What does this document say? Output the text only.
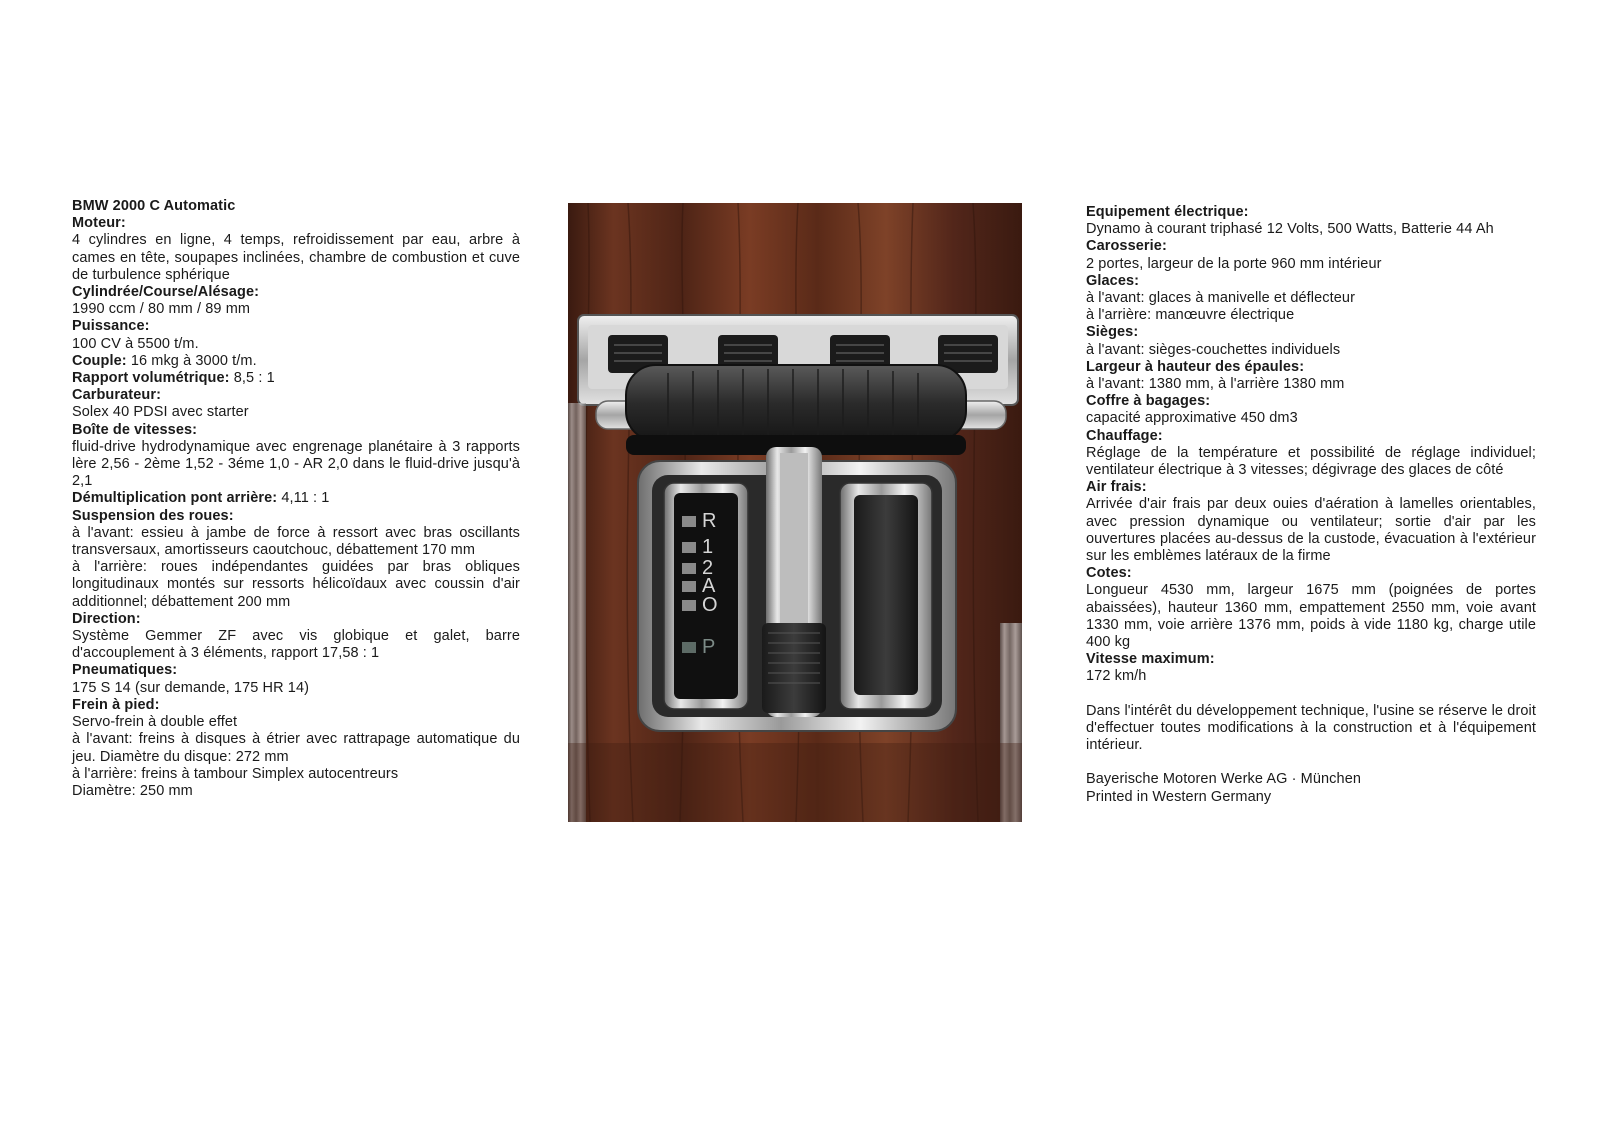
BMW 2000 C Automatic
Moteur:
4 cylindres en ligne, 4 temps, refroidissement par eau, arbre à cames en tête, soupapes inclinées, chambre de combustion et cuve de turbulence sphérique
Cylindrée/Course/Alésage:
1990 ccm / 80 mm / 89 mm
Puissance:
100 CV à 5500 t/m.
Couple: 16 mkg à 3000 t/m.
Rapport volumétrique: 8,5 : 1
Carburateur:
Solex 40 PDSI avec starter
Boîte de vitesses:
fluid-drive hydrodynamique avec engrenage planétaire à 3 rapports lère 2,56 - 2ème 1,52 - 3éme 1,0 - AR 2,0 dans le fluid-drive jusqu'à 2,1
Démultiplication pont arrière: 4,11 : 1
Suspension des roues:
à l'avant: essieu à jambe de force à ressort avec bras oscillants transversaux, amortisseurs caoutchouc, débattement 170 mm
à l'arrière: roues indépendantes guidées par bras obliques longitudinaux montés sur ressorts hélicoïdaux avec coussin d'air additionnel; débattement 200 mm
Direction:
Système Gemmer ZF avec vis globique et galet, barre d'accouplement à 3 éléments, rapport 17,58 : 1
Pneumatiques:
175 S 14 (sur demande, 175 HR 14)
Frein à pied:
Servo-frein à double effet
à l'avant: freins à disques à étrier avec rattrapage automatique du jeu. Diamètre du disque: 272 mm
à l'arrière: freins à tambour Simplex autocentreurs
Diamètre: 250 mm
R
1
2
A
O
P
Equipement électrique:
Dynamo à courant triphasé 12 Volts, 500 Watts, Batterie 44 Ah
Carosserie:
2 portes, largeur de la porte 960 mm intérieur
Glaces:
à l'avant: glaces à manivelle et déflecteur
à l'arrière: manœuvre électrique
Sièges:
à l'avant: sièges-couchettes individuels
Largeur à hauteur des épaules:
à l'avant: 1380 mm, à l'arrière 1380 mm
Coffre à bagages:
capacité approximative 450 dm3
Chauffage:
Réglage de la température et possibilité de réglage individuel; ventilateur électrique à 3 vitesses; dégivrage des glaces de côté
Air frais:
Arrivée d'air frais par deux ouies d'aération à lamelles orientables, avec pression dynamique ou ventilateur; sortie d'air par les ouvertures placées au-dessus de la custode, évacuation à l'extérieur sur les emblèmes latéraux de la firme
Cotes:
Longueur 4530 mm, largeur 1675 mm (poignées de portes abaissées), hauteur 1360 mm, empattement 2550 mm, voie avant 1330 mm, voie arrière 1376 mm, poids à vide 1180 kg, charge utile 400 kg
Vitesse maximum:
172 km/h
Dans l'intérêt du développement technique, l'usine se réserve le droit d'effectuer toutes modifications à la construction et à l'équipement intérieur.
Bayerische Motoren Werke AG · München
Printed in Western Germany
